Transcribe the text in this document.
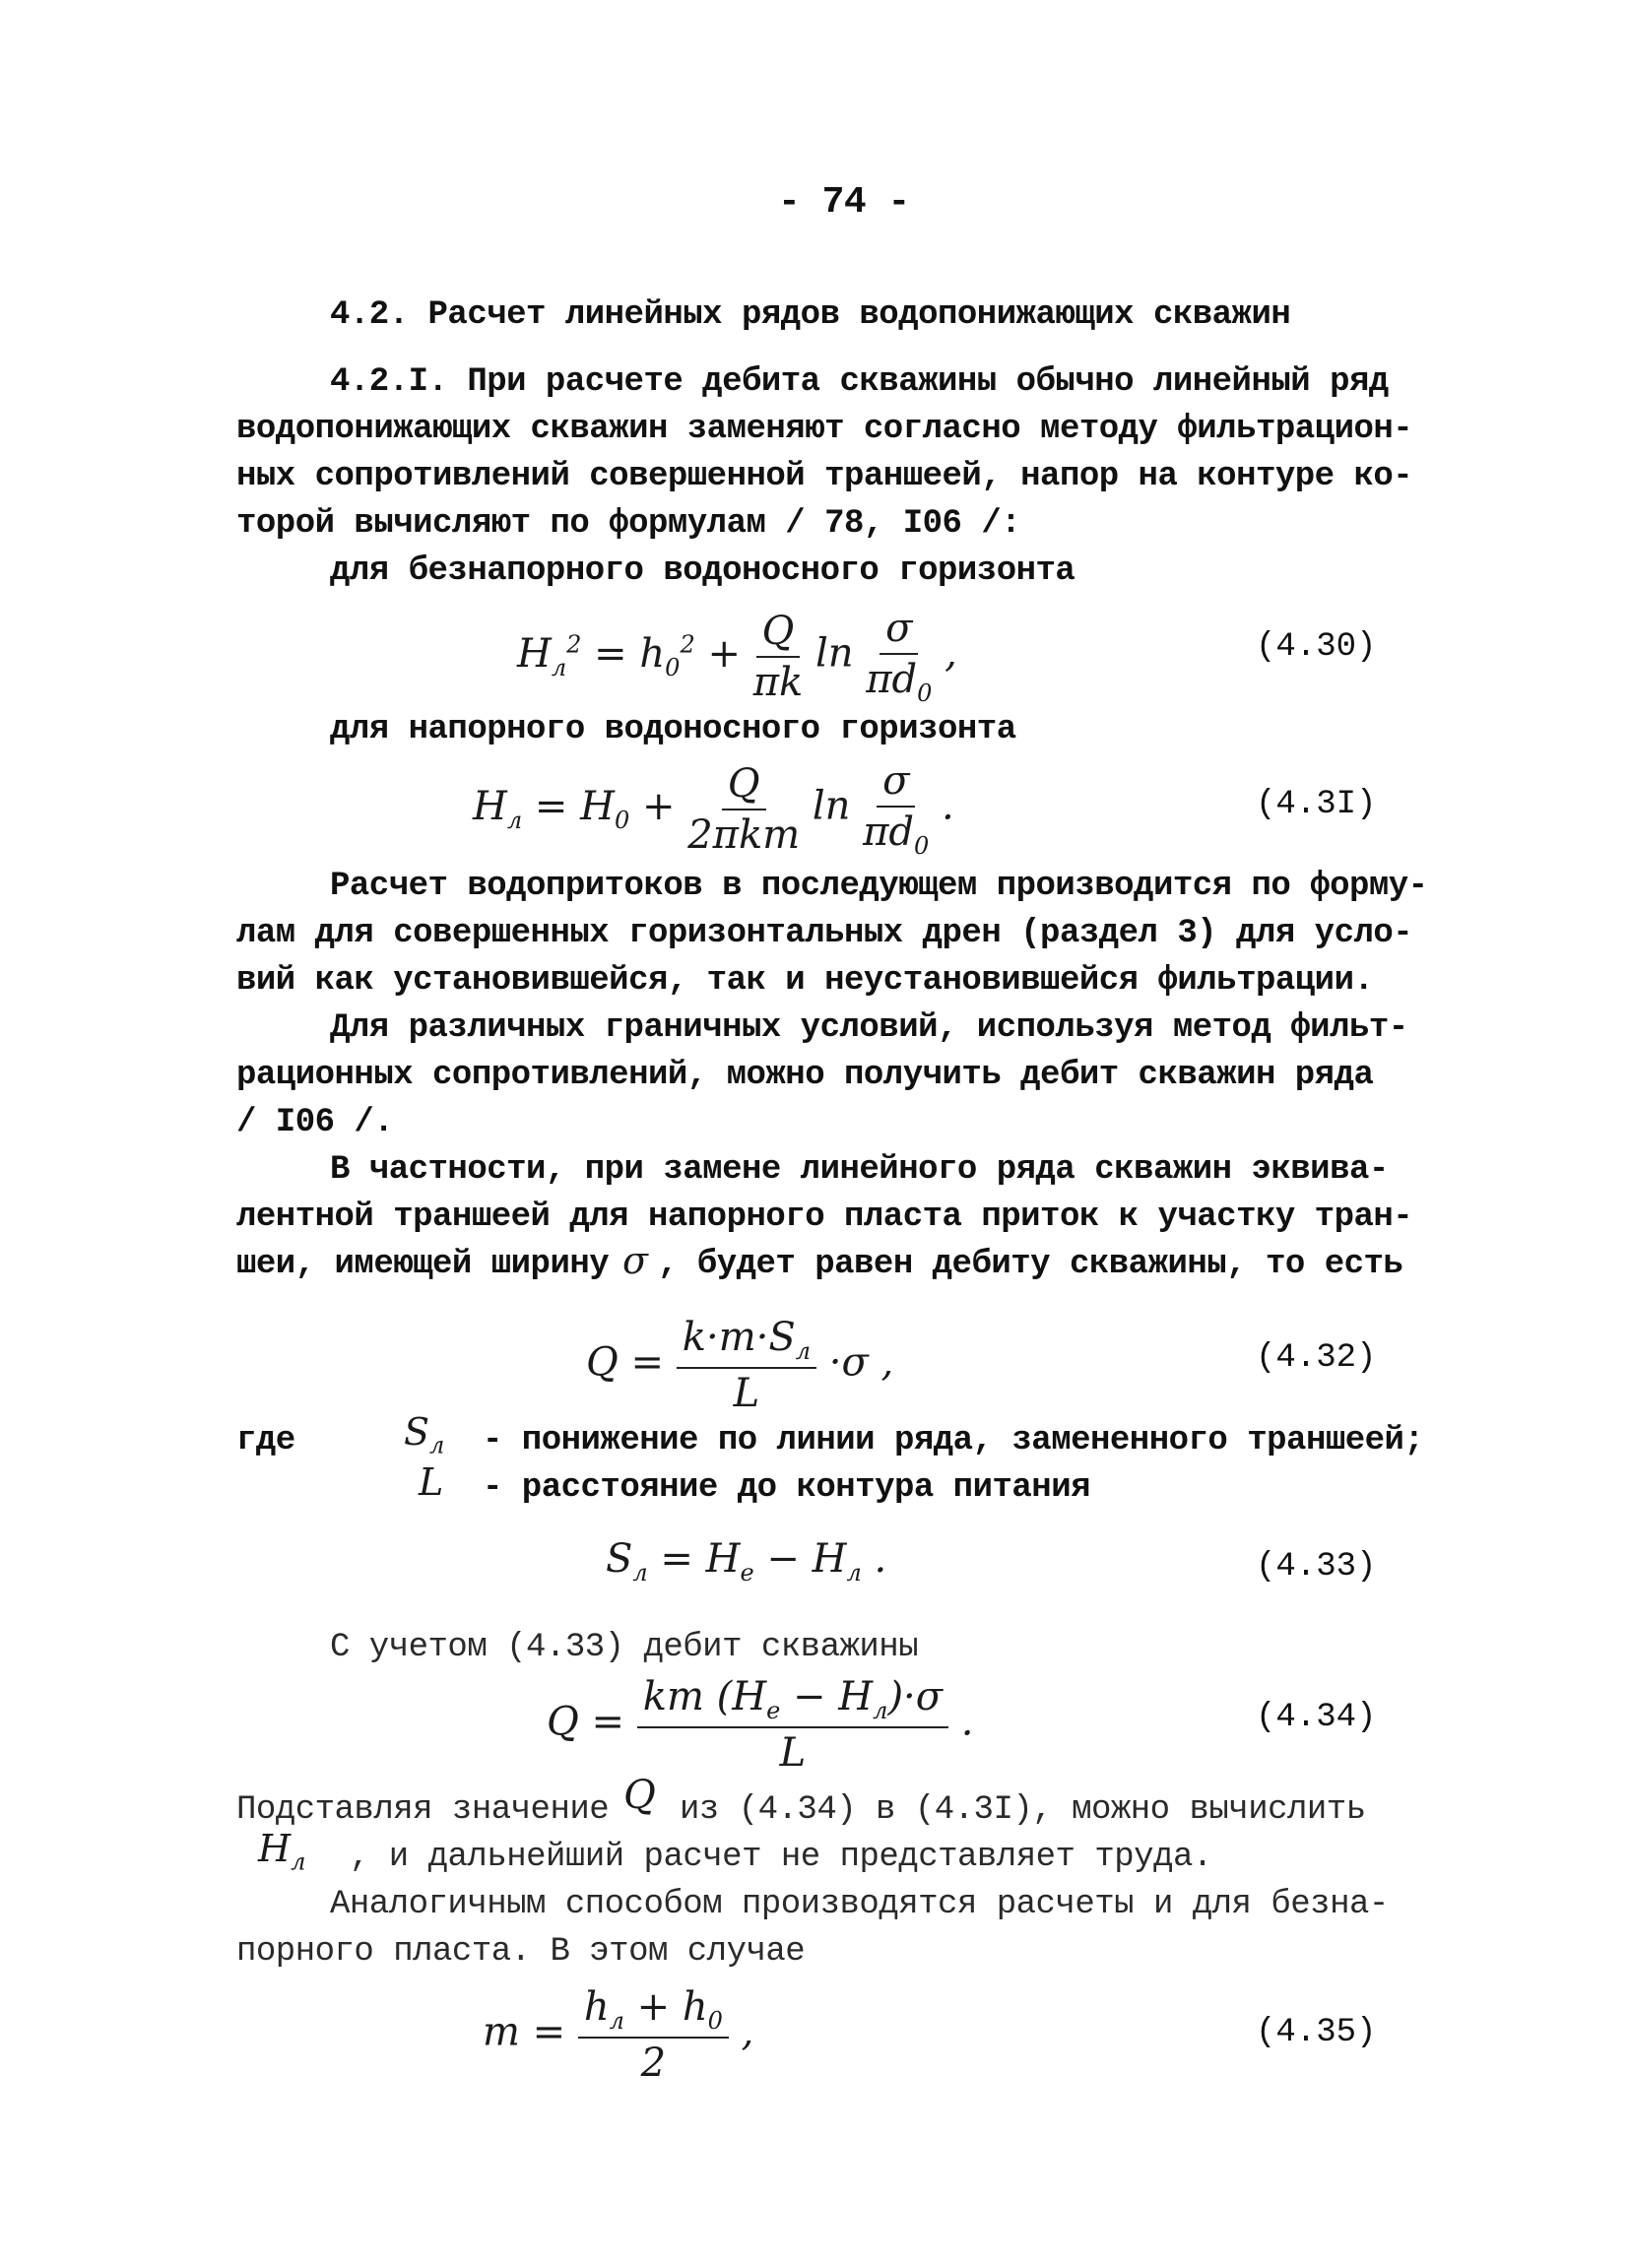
- 74 -
4.2. Расчет линейных рядов водопонижающих скважин
4.2.I. При расчете дебита скважины обычно линейный ряд
водопонижающих скважин заменяют согласно методу фильтрацион-
ных сопротивлений совершенной траншеей, напор на контуре ко-
торой вычисляют по формулам / 78, I06 /:
для безнапорного водоносного горизонта
$H_л^2 = h_0^2 + \frac{Q}{\pi k}$ $\ln \frac{\sigma}{\pi d_0}$ ,	(4.30)
для напорного водоносного горизонта
$H_л = H_0 + \frac{Q}{\text{2πkm}}$ $\ln \frac{\sigma}{\pi d_0}$ .	(4.3I)
Расчет водопритоков в последующем производится по форму-
лам для совершенных горизонтальных дрен (раздел 3) для усло-
вий как установившейся, так и неустановившейся фильтрации.
Для различных граничных условий, используя метод фильт-
рационных сопротивлений, можно получить дебит скважин ряда
/ I06 /.
В частности, при замене линейного ряда скважин эквива-
лентной траншеей для напорного пласта приток к участку тран-
шеи, имеющей ширину σ , будет равен дебиту скважины, то есть
$Q = \frac{k\cdot m\cdot S_л}{L} \cdot\sigma$ ,	(4.32)
где	$S_л$ - понижение по линии ряда, замененного траншеей;
L - расстояние до контура питания
$S_л = H_e - H_л$ .	(4.33)
С учетом (4.33) дебит скважины
$Q = \frac{km (H_e - H_л)\cdot\sigma}{L}$ .	(4.34)
Подставляя значение Q из (4.34) в (4.3I), можно вычислить
$H_л$ , и дальнейший расчет не представляет труда.
Аналогичным способом производятся расчеты и для безна-
порного пласта. В этом случае
$m = \frac{h_л + h_0}{2}$ ,	(4.35)
